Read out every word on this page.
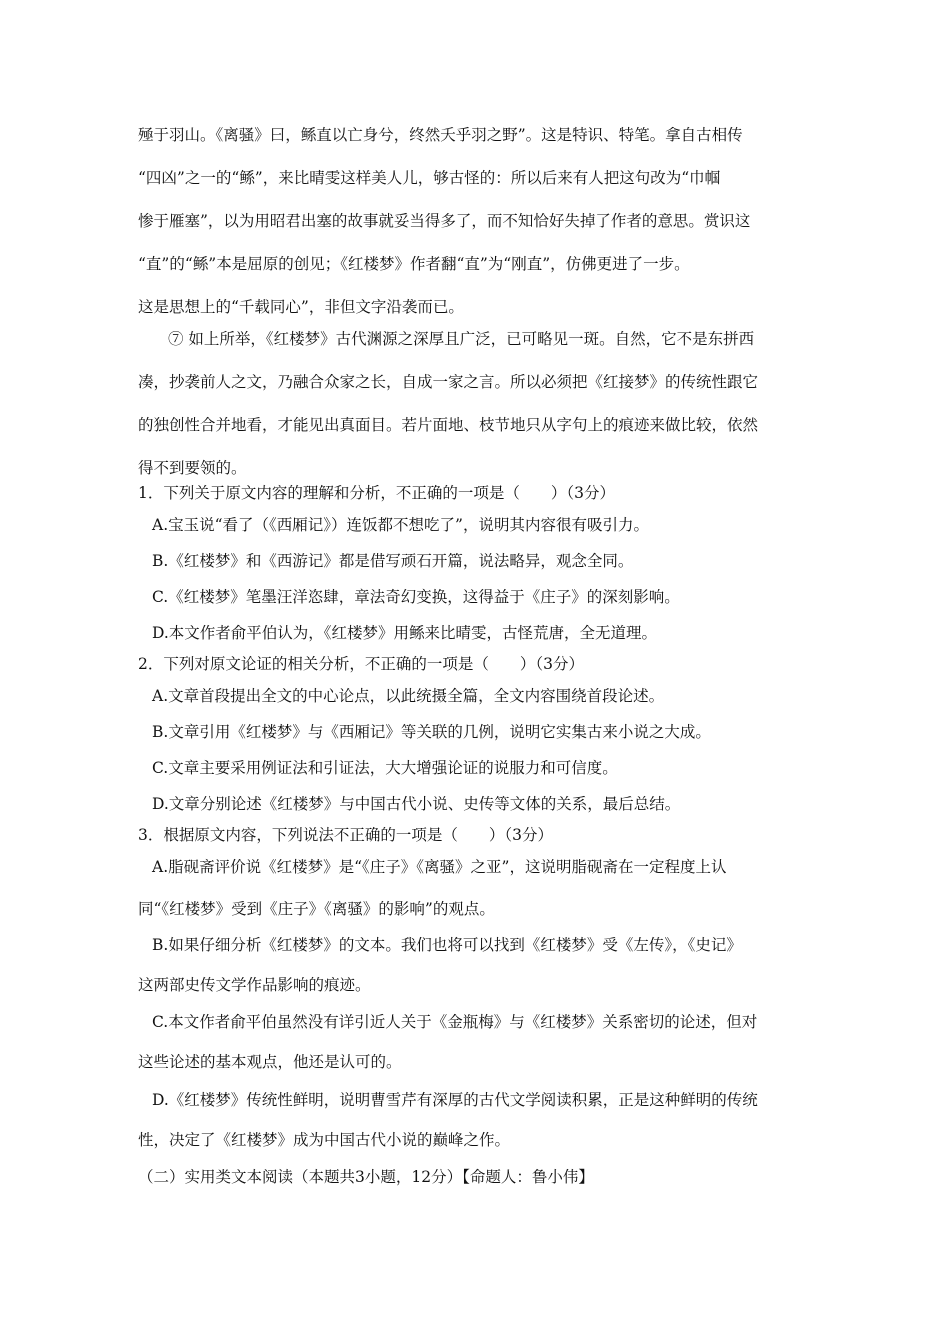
殛于羽山。《离骚》曰，鲧直以亡身兮，终然夭乎羽之野”。这是特识、特笔。拿自古相传
“四凶”之一的“鲧”，来比晴雯这样美人儿，够古怪的：所以后来有人把这句改为“巾帼
惨于雁塞”，以为用昭君出塞的故事就妥当得多了，而不知恰好失掉了作者的意思。赏识这
“直”的“鲧”本是屈原的创见；《红楼梦》作者翻“直”为“刚直”，仿佛更进了一步。
这是思想上的“千载同心”，非但文字沿袭而已。
⑦ 如上所举，《红楼梦》古代渊源之深厚且广泛，已可略见一斑。自然，它不是东拼西
凑，抄袭前人之文，乃融合众家之长，自成一家之言。所以必须把《红接梦》的传统性跟它
的独创性合并地看，才能见出真面目。若片面地、枝节地只从字句上的痕迹来做比较，依然
得不到要领的。
1．下列关于原文内容的理解和分析，不正确的一项是（　　）（3分）
A.宝玉说“看了（《西厢记》）连饭都不想吃了”，说明其内容很有吸引力。
B.《红楼梦》和《西游记》都是借写顽石开篇，说法略异，观念全同。
C.《红楼梦》笔墨汪洋恣肆，章法奇幻变换，这得益于《庄子》的深刻影响。
D.本文作者俞平伯认为，《红楼梦》用鲧来比晴雯，古怪荒唐，全无道理。
2．下列对原文论证的相关分析，不正确的一项是（　　）（3分）
A.文章首段提出全文的中心论点，以此统摄全篇，全文内容围绕首段论述。
B.文章引用《红楼梦》与《西厢记》等关联的几例，说明它实集古来小说之大成。
C.文章主要采用例证法和引证法，大大增强论证的说服力和可信度。
D.文章分别论述《红楼梦》与中国古代小说、史传等文体的关系，最后总结。
3．根据原文内容，下列说法不正确的一项是（　　）（3分）
A.脂砚斋评价说《红楼梦》是“《庄子》《离骚》之亚”，这说明脂砚斋在一定程度上认
同“《红楼梦》受到《庄子》《离骚》的影响”的观点。
B.如果仔细分析《红楼梦》的文本。我们也将可以找到《红楼梦》受《左传》，《史记》
这两部史传文学作品影响的痕迹。
C.本文作者俞平伯虽然没有详引近人关于《金瓶梅》与《红楼梦》关系密切的论述，但对
这些论述的基本观点，他还是认可的。
D.《红楼梦》传统性鲜明，说明曹雪芹有深厚的古代文学阅读积累，正是这种鲜明的传统
性，决定了《红楼梦》成为中国古代小说的巅峰之作。
（二）实用类文本阅读（本题共3小题，12分）【命题人：鲁小伟】
